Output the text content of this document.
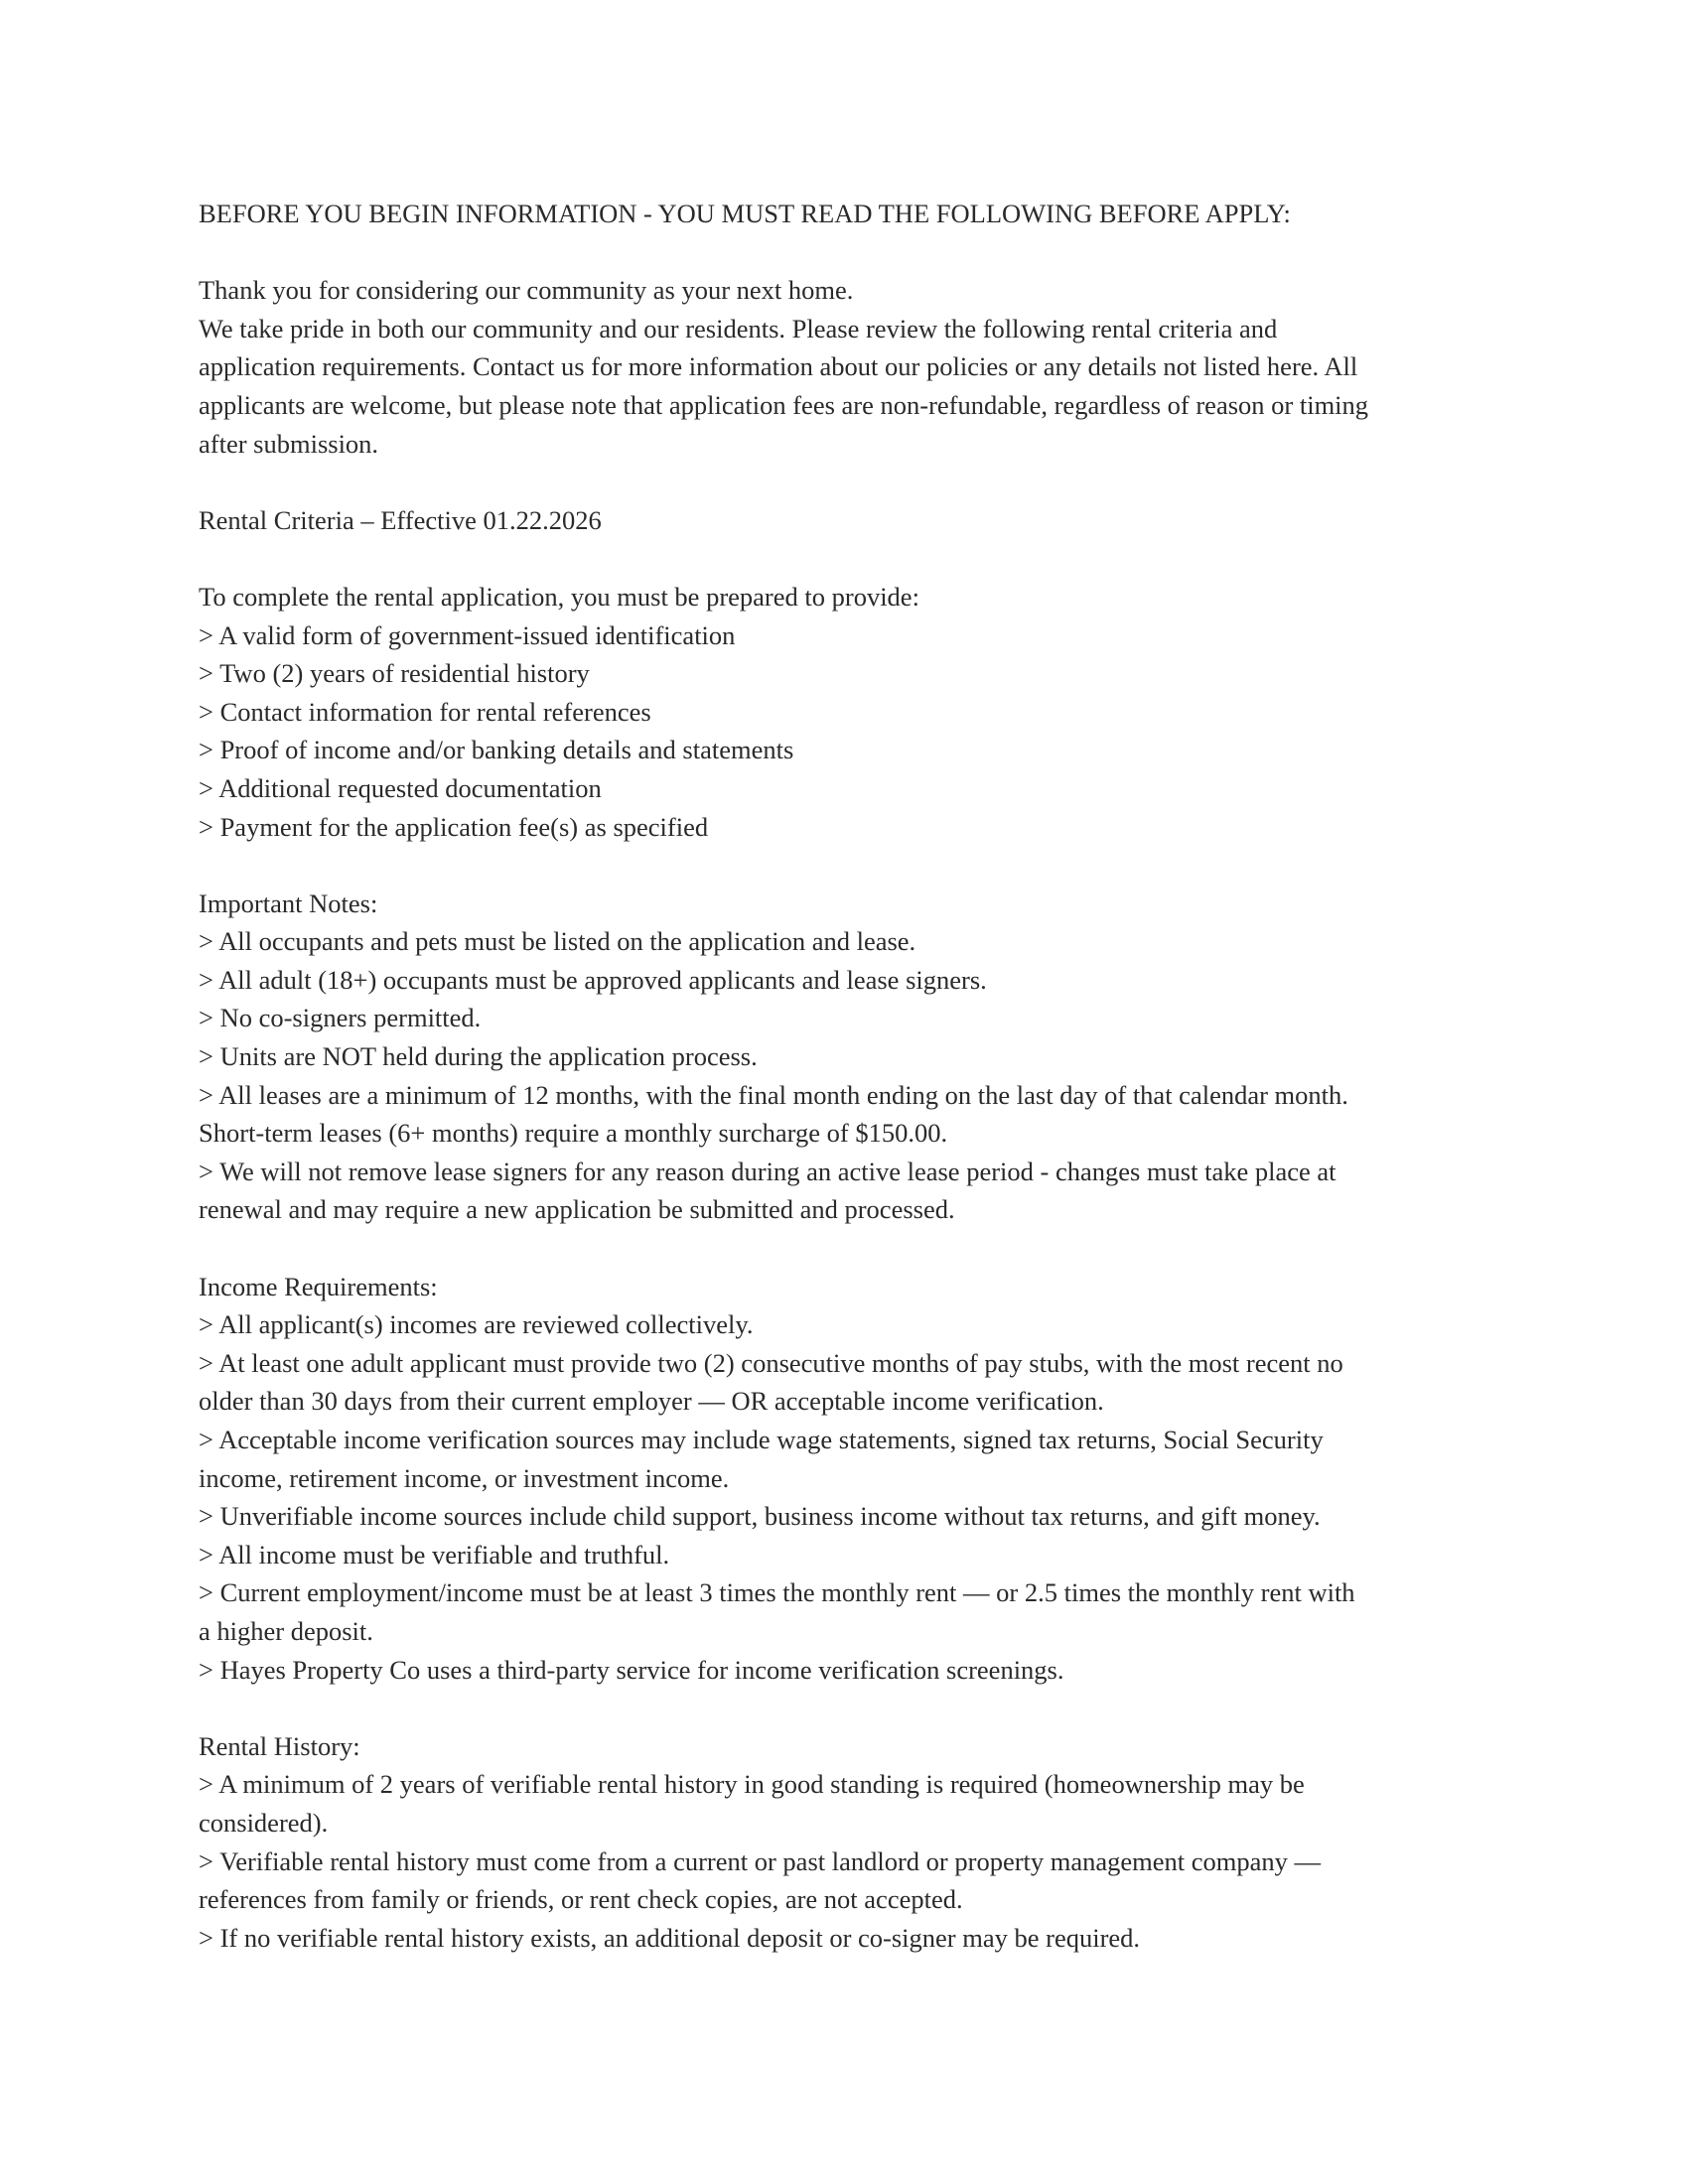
BEFORE YOU BEGIN INFORMATION - YOU MUST READ THE FOLLOWING BEFORE APPLY:

Thank you for considering our community as your next home.

We take pride in both our community and our residents. Please review the following rental criteria and

application requirements. Contact us for more information about our policies or any details not listed here. All

applicants are welcome, but please note that application fees are non-refundable, regardless of reason or timing

after submission.

Rental Criteria – Effective 01.22.2026

To complete the rental application, you must be prepared to provide:

> A valid form of government-issued identification

> Two (2) years of residential history

> Contact information for rental references

> Proof of income and/or banking details and statements

> Additional requested documentation

> Payment for the application fee(s) as specified

Important Notes:

> All occupants and pets must be listed on the application and lease.

> All adult (18+) occupants must be approved applicants and lease signers.

> No co-signers permitted.

> Units are NOT held during the application process.

> All leases are a minimum of 12 months, with the final month ending on the last day of that calendar month.

Short-term leases (6+ months) require a monthly surcharge of $150.00.

> We will not remove lease signers for any reason during an active lease period - changes must take place at

renewal and may require a new application be submitted and processed.

Income Requirements:

> All applicant(s) incomes are reviewed collectively.

> At least one adult applicant must provide two (2) consecutive months of pay stubs, with the most recent no

older than 30 days from their current employer — OR acceptable income verification.

> Acceptable income verification sources may include wage statements, signed tax returns, Social Security

income, retirement income, or investment income.

> Unverifiable income sources include child support, business income without tax returns, and gift money.

> All income must be verifiable and truthful.

> Current employment/income must be at least 3 times the monthly rent — or 2.5 times the monthly rent with

a higher deposit.

> Hayes Property Co uses a third-party service for income verification screenings.

Rental History:

> A minimum of 2 years of verifiable rental history in good standing is required (homeownership may be

considered).

> Verifiable rental history must come from a current or past landlord or property management company —

references from family or friends, or rent check copies, are not accepted.

> If no verifiable rental history exists, an additional deposit or co-signer may be required.
